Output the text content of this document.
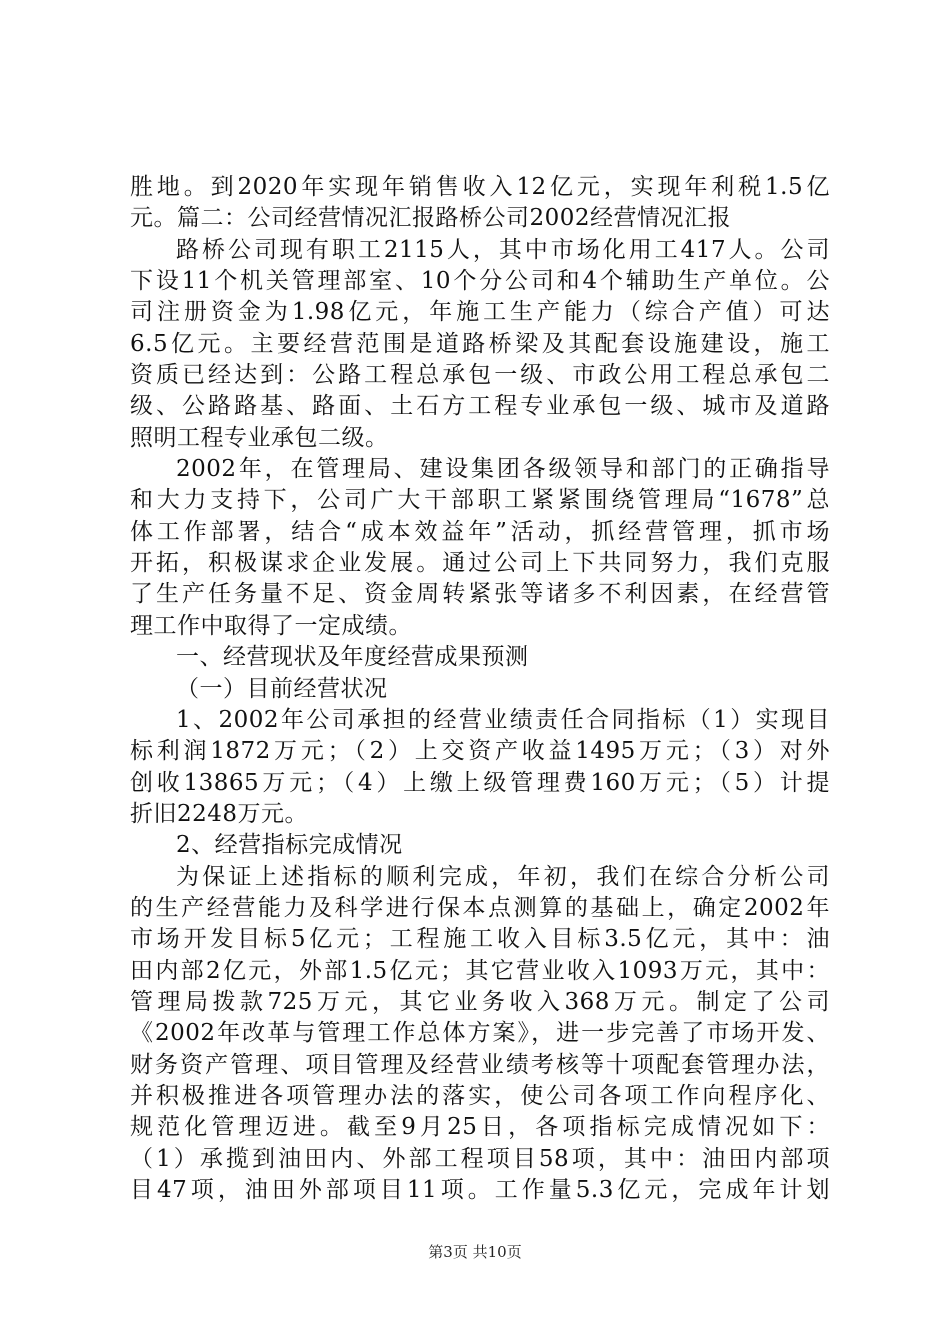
胜地。到2020年实现年销售收入12亿元，实现年利税1.5亿
元。篇二：公司经营情况汇报路桥公司2002经营情况汇报
路桥公司现有职工2115人，其中市场化用工417人。公司
下设11个机关管理部室、10个分公司和4个辅助生产单位。公
司注册资金为1.98亿元，年施工生产能力（综合产值）可达
6.5亿元。主要经营范围是道路桥梁及其配套设施建设，施工
资质已经达到：公路工程总承包一级、市政公用工程总承包二
级、公路路基、路面、土石方工程专业承包一级、城市及道路
照明工程专业承包二级。
2002年，在管理局、建设集团各级领导和部门的正确指导
和大力支持下，公司广大干部职工紧紧围绕管理局“1678”总
体工作部署，结合“成本效益年”活动，抓经营管理，抓市场
开拓，积极谋求企业发展。通过公司上下共同努力，我们克服
了生产任务量不足、资金周转紧张等诸多不利因素，在经营管
理工作中取得了一定成绩。
一、经营现状及年度经营成果预测
（一）目前经营状况
1、2002年公司承担的经营业绩责任合同指标（1）实现目
标利润1872万元；（2）上交资产收益1495万元；（3）对外
创收13865万元；（4）上缴上级管理费160万元；（5）计提
折旧2248万元。
2、经营指标完成情况
为保证上述指标的顺利完成，年初，我们在综合分析公司
的生产经营能力及科学进行保本点测算的基础上，确定2002年
市场开发目标5亿元；工程施工收入目标3.5亿元，其中：油
田内部2亿元，外部1.5亿元；其它营业收入1093万元，其中：
管理局拨款725万元，其它业务收入368万元。制定了公司
《2002年改革与管理工作总体方案》，进一步完善了市场开发、
财务资产管理、项目管理及经营业绩考核等十项配套管理办法，
并积极推进各项管理办法的落实，使公司各项工作向程序化、
规范化管理迈进。截至9月25日，各项指标完成情况如下：
（1）承揽到油田内、外部工程项目58项，其中：油田内部项
目47项，油田外部项目11项。工作量5.3亿元，完成年计划
第3页 共10页
